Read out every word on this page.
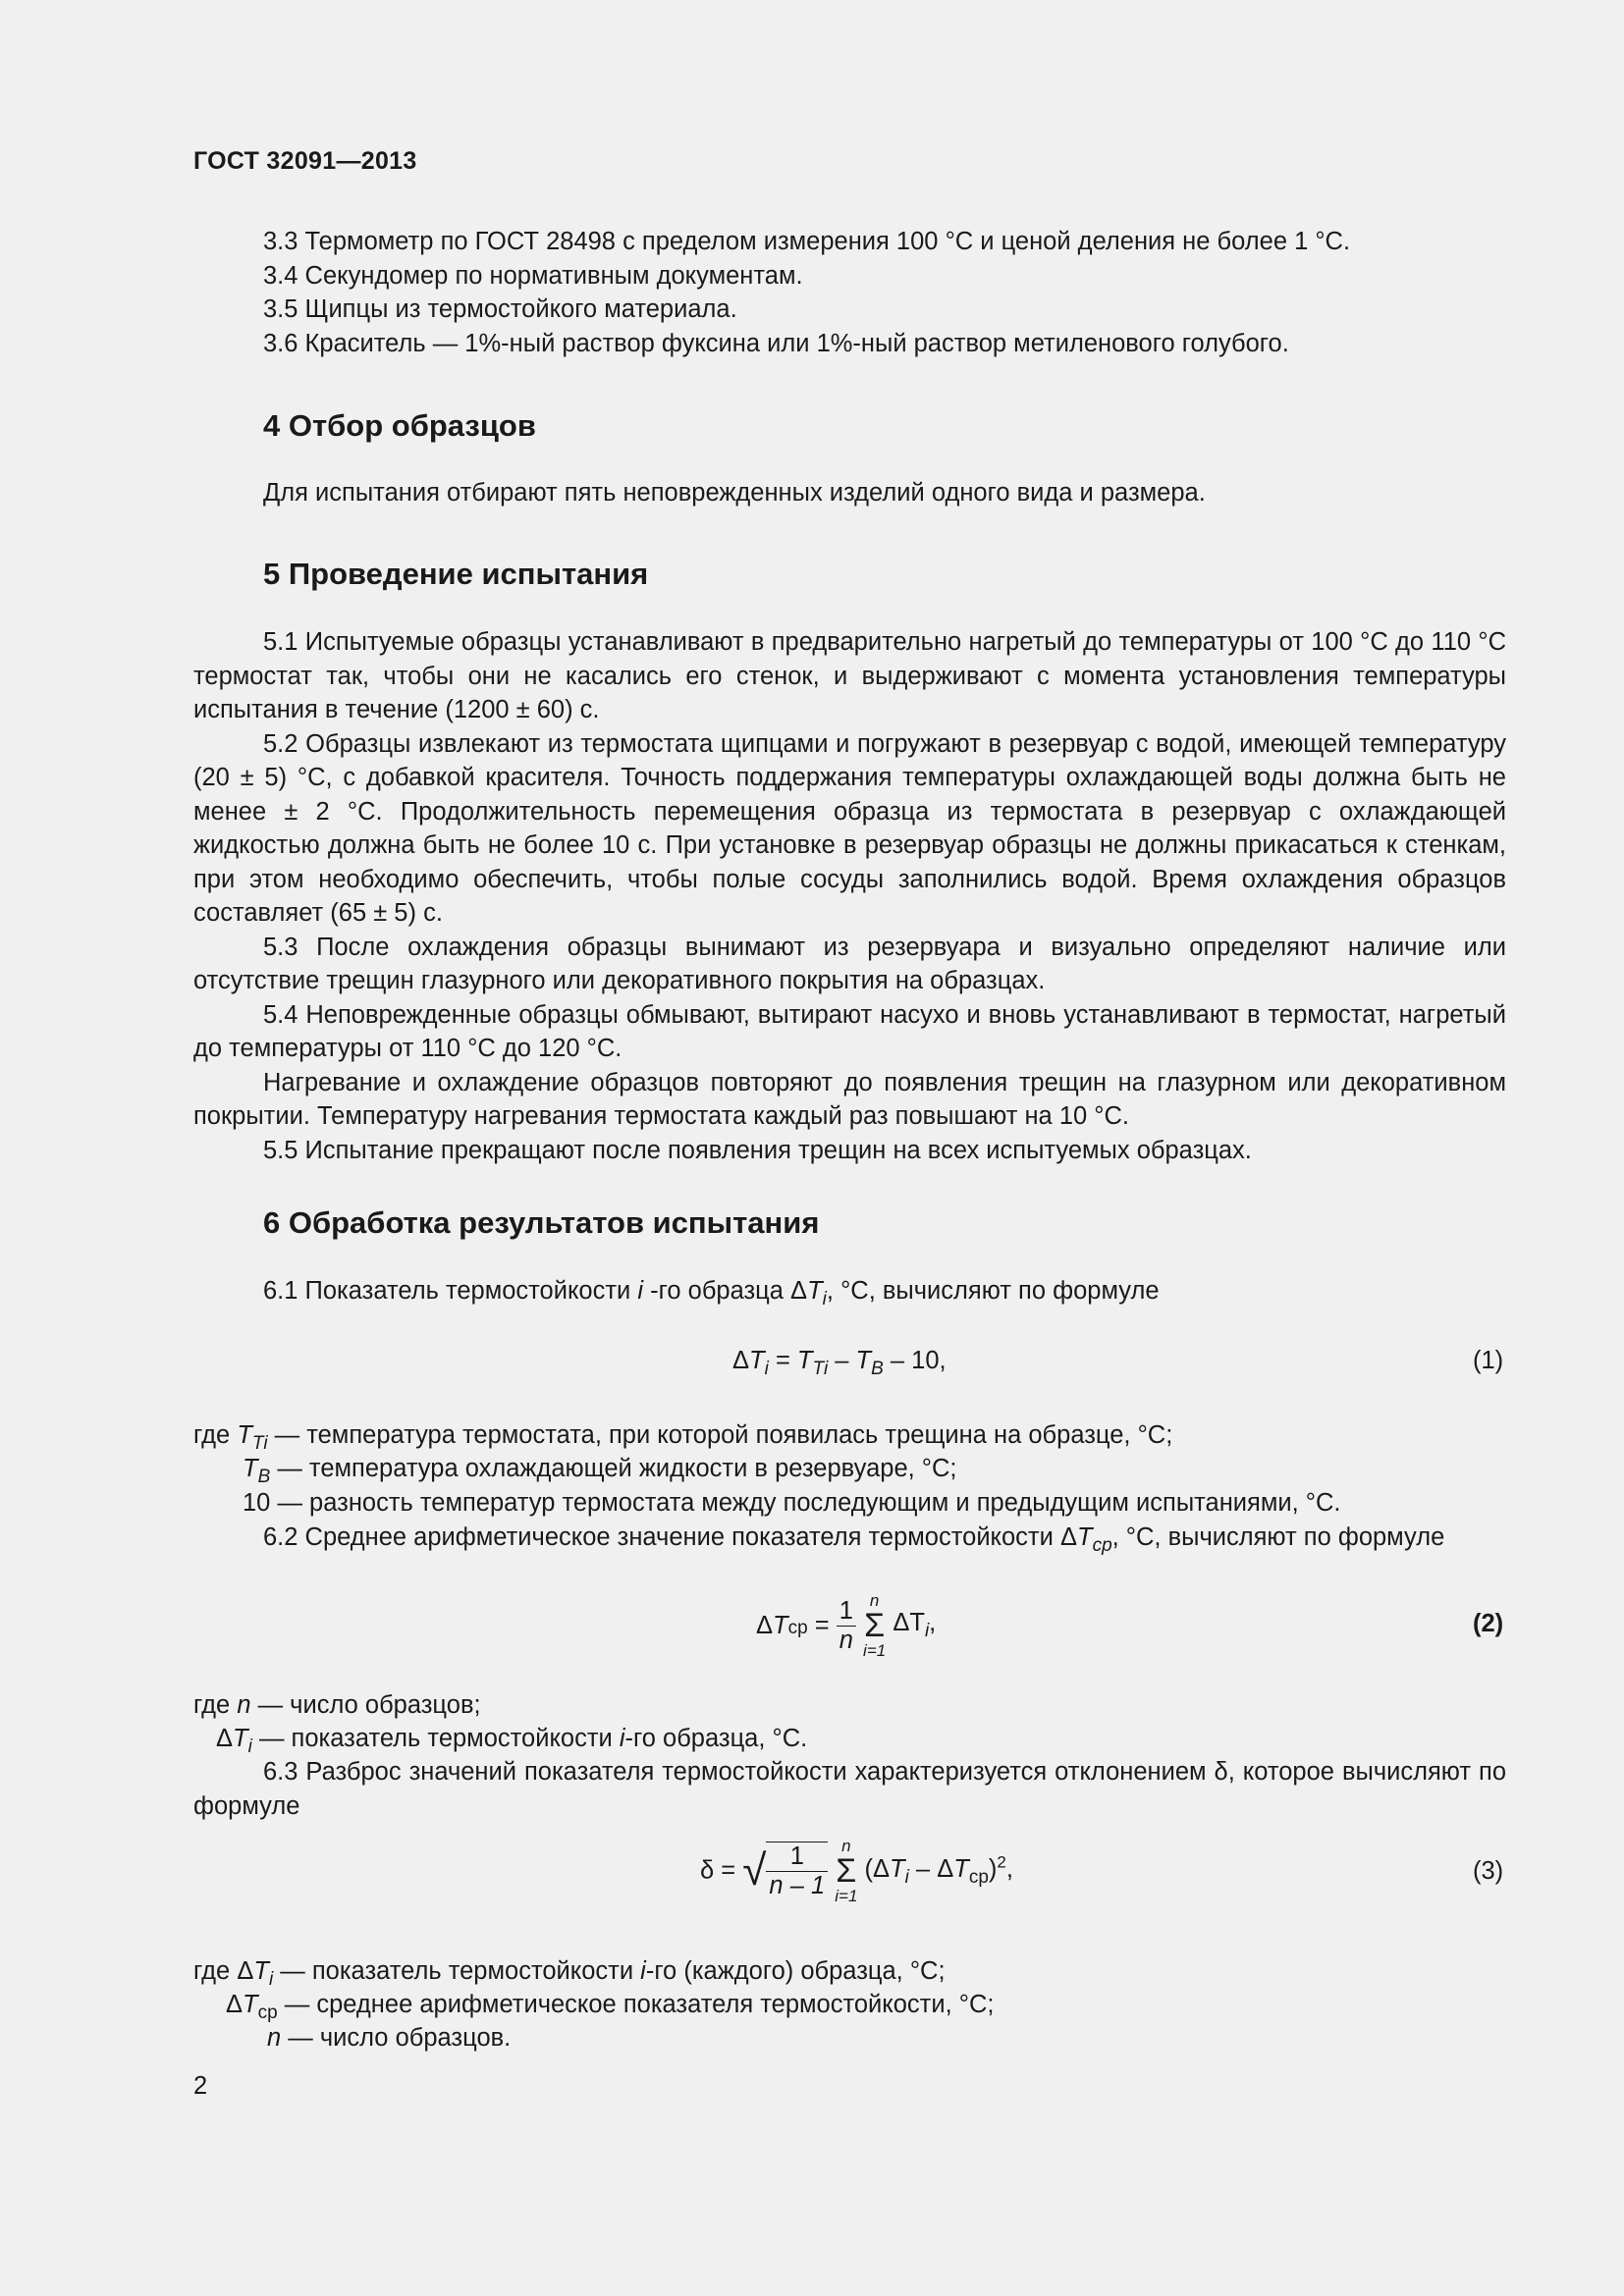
ГОСТ 32091—2013
3.3 Термометр по ГОСТ 28498 с пределом измерения 100 °С и ценой деления не более 1 °С.
3.4 Секундомер по нормативным документам.
3.5 Щипцы из термостойкого материала.
3.6 Краситель — 1%-ный раствор фуксина или 1%-ный раствор метиленового голубого.
4 Отбор образцов
Для испытания отбирают пять неповрежденных изделий одного вида и размера.
5 Проведение испытания

5.1 Испытуемые образцы устанавливают в предварительно нагретый до температуры от 100 °С до 110 °С термостат так, чтобы они не касались его стенок, и выдерживают с момента установления температуры испытания в течение (1200 ± 60) с.

5.2 Образцы извлекают из термостата щипцами и погружают в резервуар с водой, имеющей температуру (20 ± 5) °С, с добавкой красителя. Точность поддержания температуры охлаждающей воды должна быть не менее ± 2 °С. Продолжительность перемещения образца из термостата в резервуар с охлаждающей жидкостью должна быть не более 10 с. При установке в резервуар образцы не должны прикасаться к стенкам, при этом необходимо обеспечить, чтобы полые сосуды заполнились водой. Время охлаждения образцов составляет (65 ± 5) с.

5.3 После охлаждения образцы вынимают из резервуара и визуально определяют наличие или отсутствие трещин глазурного или декоративного покрытия на образцах.

5.4 Неповрежденные образцы обмывают, вытирают насухо и вновь устанавливают в термостат, нагретый до температуры от 110 °С до 120 °С.

Нагревание и охлаждение образцов повторяют до появления трещин на глазурном или декоративном покрытии. Температуру нагревания термостата каждый раз повышают на 10 °С.

5.5 Испытание прекращают после появления трещин на всех испытуемых образцах.

6 Обработка результатов испытания
6.1 Показатель термостойкости i -го образца $\Delta T_i$, °С, вычисляют по формуле
$\Delta T_i = T_{Ti} - T_B - 10$,	(1)
где $T_{Ti}$ — температура термостата, при которой появилась трещина на образце, °С;
$T_B$ — температура охлаждающей жидкости в резервуаре, °С;
10 — разность температур термостата между последующим и предыдущим испытаниями, °С.

6.2 Среднее арифметическое значение показателя термостойкости $\Delta T_{ср}$, °С, вычисляют по формуле

$\Delta Tср = \frac{1}{n}$
n
Σ
i=1
$\Delta T_i$,	(2)
где n — число образцов;
$\Delta T_i$ — показатель термостойкости i-го образца, °С.

6.3 Разброс значений показателя термостойкости характеризуется отклонением δ, которое вычисляют по формуле

δ = √ $\frac{1}{n - 1}$
n
Σ
i=1
$(\Delta T_i - \Delta T_{ср})^2$,	(3)
где $\Delta T_i$ — показатель термостойкости i-го (каждого) образца, °С;
$\Delta T_{ср}$ — среднее арифметическое показателя термостойкости, °С;
n — число образцов.
2
